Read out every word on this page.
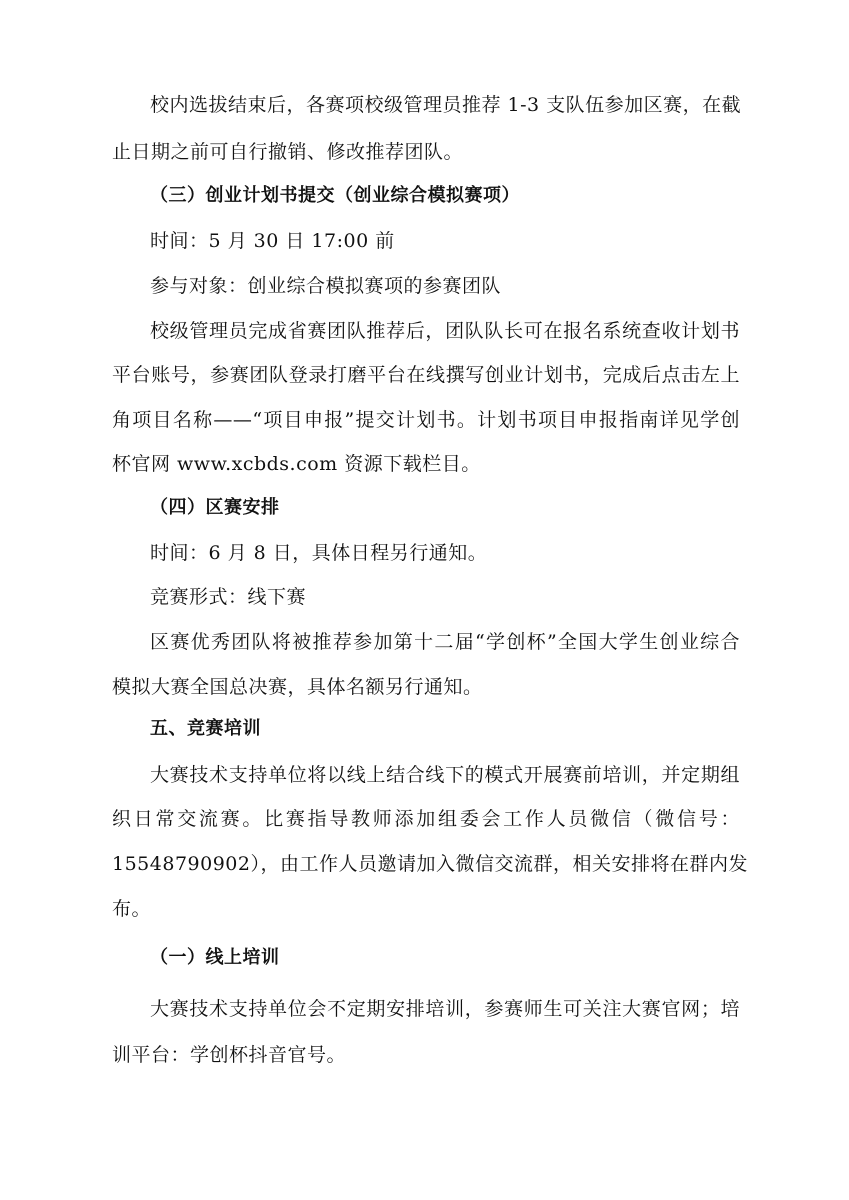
校内选拔结束后，各赛项校级管理员推荐 1-3 支队伍参加区赛，在截
止日期之前可自行撤销、修改推荐团队。
（三）创业计划书提交（创业综合模拟赛项）
时间：5 月 30 日 17:00 前
参与对象：创业综合模拟赛项的参赛团队
校级管理员完成省赛团队推荐后，团队队长可在报名系统查收计划书
平台账号，参赛团队登录打磨平台在线撰写创业计划书，完成后点击左上
角项目名称——“项目申报”提交计划书。计划书项目申报指南详见学创
杯官网 www.xcbds.com 资源下载栏目。
（四）区赛安排
时间：6 月 8 日，具体日程另行通知。
竞赛形式：线下赛
区赛优秀团队将被推荐参加第十二届“学创杯”全国大学生创业综合
模拟大赛全国总决赛，具体名额另行通知。
五、竞赛培训
大赛技术支持单位将以线上结合线下的模式开展赛前培训，并定期组
织日常交流赛。比赛指导教师添加组委会工作人员微信（微信号：
15548790902），由工作人员邀请加入微信交流群，相关安排将在群内发
布。
（一）线上培训
大赛技术支持单位会不定期安排培训，参赛师生可关注大赛官网；培
训平台：学创杯抖音官号。
